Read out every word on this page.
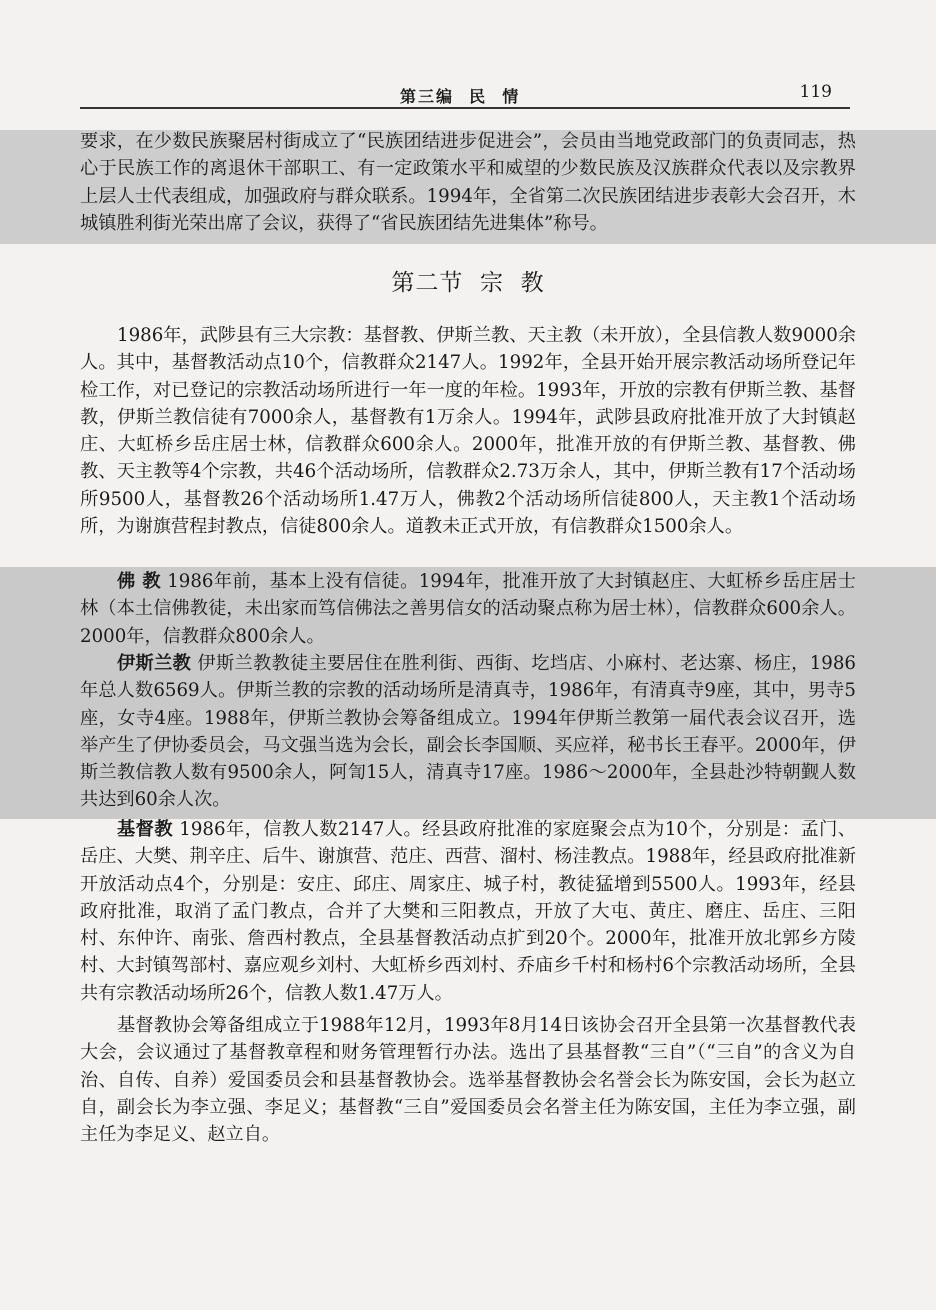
第三编  民  情	119

要求，在少数民族聚居村街成立了“民族团结进步促进会”，会员由当地党政部门的负责同志，热心于民族工作的离退休干部职工、有一定政策水平和威望的少数民族及汉族群众代表以及宗教界上层人士代表组成，加强政府与群众联系。1994年，全省第二次民族团结进步表彰大会召开，木城镇胜利街光荣出席了会议，获得了“省民族团结先进集体”称号。

第二节  宗  教

1986年，武陟县有三大宗教：基督教、伊斯兰教、天主教（未开放），全县信教人数9000余人。其中，基督教活动点10个，信教群众2147人。1992年，全县开始开展宗教活动场所登记年检工作，对已登记的宗教活动场所进行一年一度的年检。1993年，开放的宗教有伊斯兰教、基督教，伊斯兰教信徒有7000余人，基督教有1万余人。1994年，武陟县政府批准开放了大封镇赵庄、大虹桥乡岳庄居士林，信教群众600余人。2000年，批准开放的有伊斯兰教、基督教、佛教、天主教等4个宗教，共46个活动场所，信教群众2.73万余人，其中，伊斯兰教有17个活动场所9500人，基督教26个活动场所1.47万人，佛教2个活动场所信徒800人，天主教1个活动场所，为谢旗营程封教点，信徒800余人。道教未正式开放，有信教群众1500余人。

佛 教 1986年前，基本上没有信徒。1994年，批准开放了大封镇赵庄、大虹桥乡岳庄居士林（本土信佛教徒，未出家而笃信佛法之善男信女的活动聚点称为居士林），信教群众600余人。2000年，信教群众800余人。

伊斯兰教 伊斯兰教教徒主要居住在胜利街、西街、圪垱店、小麻村、老达寨、杨庄，1986年总人数6569人。伊斯兰教的宗教的活动场所是清真寺，1986年，有清真寺9座，其中，男寺5座，女寺4座。1988年，伊斯兰教协会筹备组成立。1994年伊斯兰教第一届代表会议召开，选举产生了伊协委员会，马文强当选为会长，副会长李国顺、买应祥，秘书长王春平。2000年，伊斯兰教信教人数有9500余人，阿訇15人，清真寺17座。1986～2000年，全县赴沙特朝觐人数共达到60余人次。

基督教 1986年，信教人数2147人。经县政府批准的家庭聚会点为10个，分别是：孟门、岳庄、大樊、荆辛庄、后牛、谢旗营、范庄、西营、溜村、杨洼教点。1988年，经县政府批准新开放活动点4个，分别是：安庄、邱庄、周家庄、城子村，教徒猛增到5500人。1993年，经县政府批准，取消了孟门教点，合并了大樊和三阳教点，开放了大屯、黄庄、磨庄、岳庄、三阳村、东仲许、南张、詹西村教点，全县基督教活动点扩到20个。2000年，批准开放北郭乡方陵村、大封镇驾部村、嘉应观乡刘村、大虹桥乡西刘村、乔庙乡千村和杨村6个宗教活动场所，全县共有宗教活动场所26个，信教人数1.47万人。

基督教协会筹备组成立于1988年12月，1993年8月14日该协会召开全县第一次基督教代表大会，会议通过了基督教章程和财务管理暂行办法。选出了县基督教“三自”（“三自”的含义为自治、自传、自养）爱国委员会和县基督教协会。选举基督教协会名誉会长为陈安国，会长为赵立自，副会长为李立强、李足义；基督教“三自”爱国委员会名誉主任为陈安国，主任为李立强，副主任为李足义、赵立自。
